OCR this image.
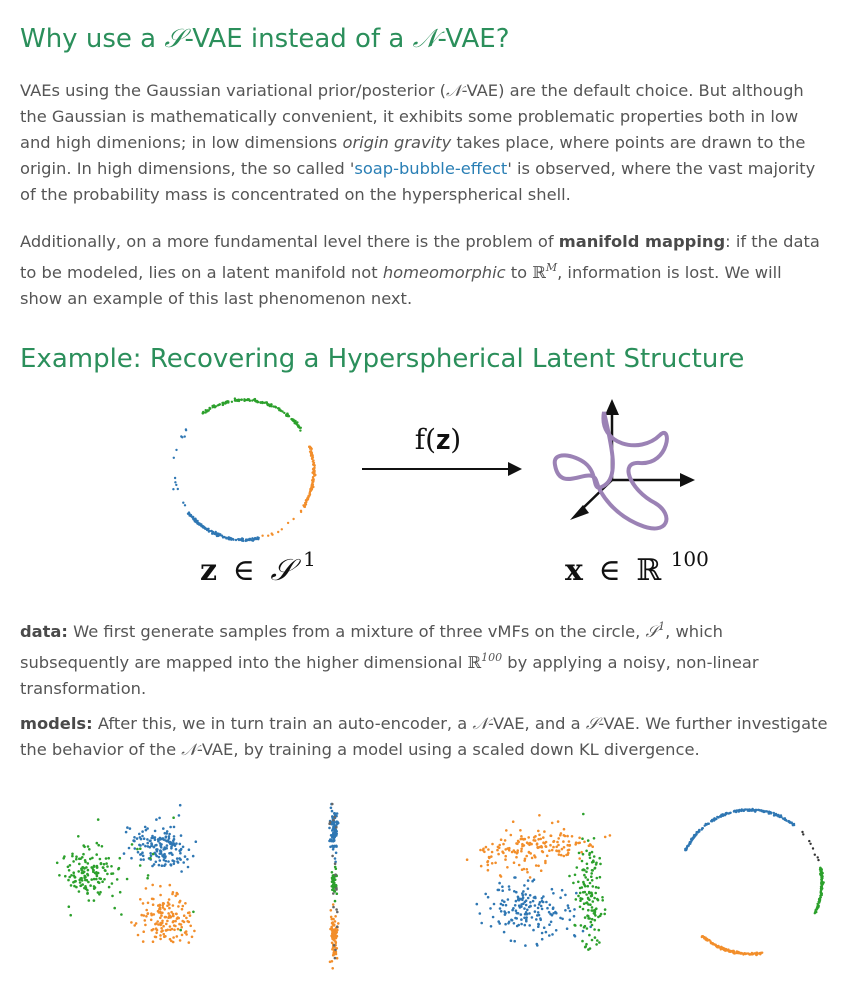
Why use a 𝒮-VAE instead of a 𝒩-VAE?

VAEs using the Gaussian variational prior/posterior (𝒩-VAE) are the default choice. But although
the Gaussian is mathematically convenient, it exhibits some problematic properties both in low
and high dimenions; in low dimensions origin gravity takes place, where points are drawn to the
origin. In high dimensions, the so called 'soap-bubble-effect' is observed, where the vast majority
of the probability mass is concentrated on the hyperspherical shell.

Additionally, on a more fundamental level there is the problem of manifold mapping: if the data
to be modeled, lies on a latent manifold not homeomorphic to ℝ$^M$, information is lost. We will
show an example of this last phenomenon next.

Example: Recovering a Hyperspherical Latent Structure
f(𝐳)
𝐳 ∈ 𝒮 $^1$	𝐱 ∈ ℝ $^{100}$

data: We first generate samples from a mixture of three vMFs on the circle, 𝒮$^1$, which
subsequently are mapped into the higher dimensional ℝ$^{100}$ by applying a noisy, non-linear
transformation.

models: After this, we in turn train an auto-encoder, a 𝒩-VAE, and a 𝒮-VAE. We further investigate
the behavior of the 𝒩-VAE, by training a model using a scaled down KL divergence.
